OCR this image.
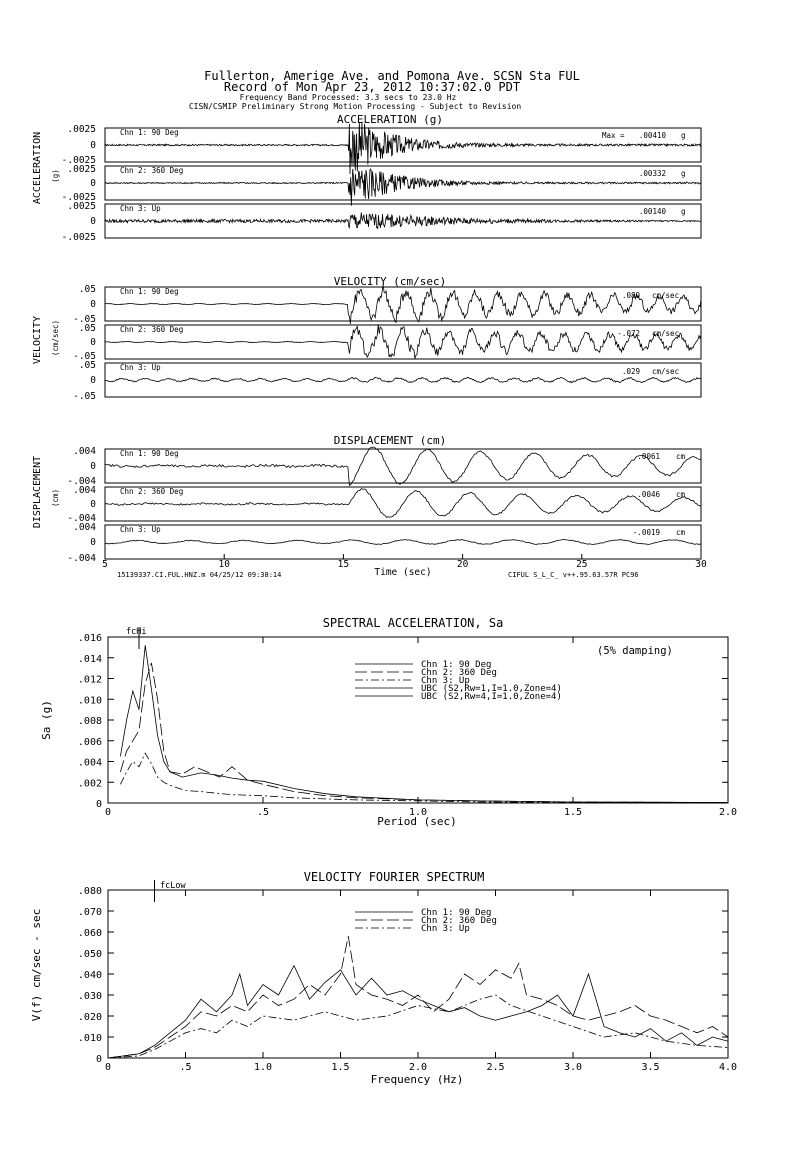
Fullerton, Amerige Ave. and Pomona Ave. SCSN Sta FUL
Record of Mon Apr 23, 2012 10:37:02.0 PDT
Frequency Band Processed: 3.3 secs to 23.0 Hz
CISN/CSMIP Preliminary Strong Motion Processing - Subject to Revision
ACCELERATION (g)
ACCELERATION (g)
.0025
0
-.0025
.0025
0
-.0025
.0025
0
-.0025
Chn 1: 90 Deg
Chn 2: 360 Deg
Chn 3: Up
Max = .00410 g
.00332 g
.00140 g
VELOCITY (cm/sec)
VELOCITY (cm/sec)
.05
0
-.05
.05
0
-.05
.05
0
-.05
Chn 1: 90 Deg
Chn 2: 360 Deg
Chn 3: Up
.080 cm/sec
-.072 cm/sec
.029 cm/sec
DISPLACEMENT (cm)
DISPLACEMENT (cm)
.004
0
-.004
.004
0
-.004
.004
0
-.004
Chn 1: 90 Deg
Chn 2: 360 Deg
Chn 3: Up
.0061 cm
.0046 cm
-.0019 cm
5	10	15	20	25	30
Time (sec)
15139337.CI.FUL.HNZ.m 04/25/12 09:38:14	CIFUL S_L_C_ v++.95.63.57R PC96
SPECTRAL ACCELERATION, Sa
0	.5	1.0	1.5	2.0
0
.002
.004
.006
.008
.010
.012
.014
.016
Period (sec)
Sa (g)
(5% damping)
fcHi
Chn 1: 90 Deg
Chn 2: 360 Deg
Chn 3: Up
UBC (S2,Rw=1,I=1.0,Zone=4)
UBC (S2,Rw=4,I=1.0,Zone=4)
VELOCITY FOURIER SPECTRUM
0	.5	1.0	1.5	2.0	2.5	3.0	3.5	4.0
0
.010
.020
.030
.040
.050
.060
.070
.080
Frequency (Hz)
V(f) cm/sec - sec
fcLow
Chn 1: 90 Deg
Chn 2: 360 Deg
Chn 3: Up
